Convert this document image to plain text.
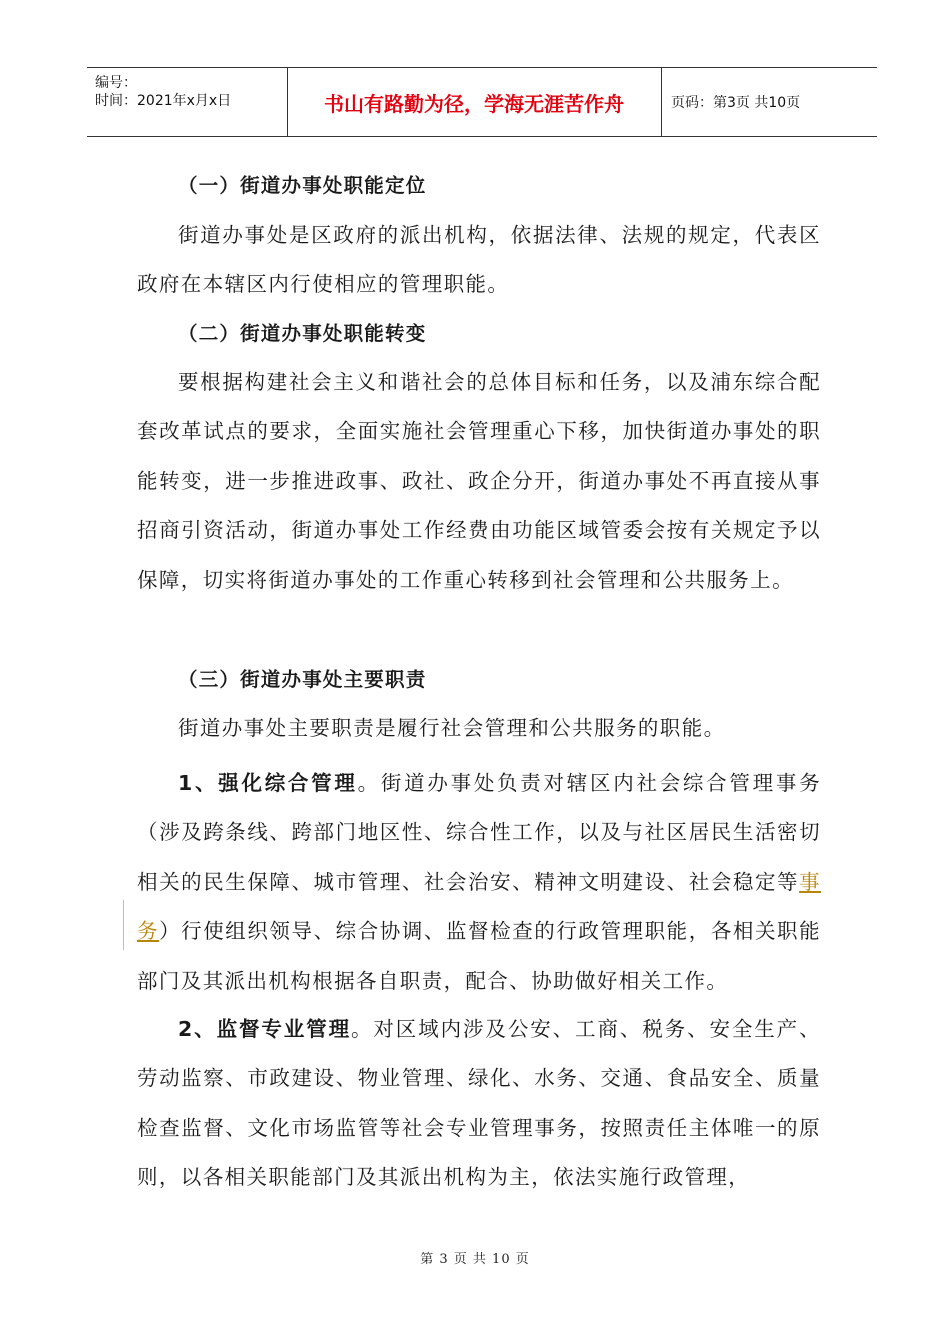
编号：
时间：2021年x月x日	书山有路勤为径，学海无涯苦作舟	页码：第3页 共10页
（一）街道办事处职能定位
街道办事处是区政府的派出机构，依据法律、法规的规定，代表区政府在本辖区内行使相应的管理职能。
（二）街道办事处职能转变
要根据构建社会主义和谐社会的总体目标和任务，以及浦东综合配套改革试点的要求，全面实施社会管理重心下移，加快街道办事处的职能转变，进一步推进政事、政社、政企分开，街道办事处不再直接从事招商引资活动，街道办事处工作经费由功能区域管委会按有关规定予以保障，切实将街道办事处的工作重心转移到社会管理和公共服务上。
（三）街道办事处主要职责
街道办事处主要职责是履行社会管理和公共服务的职能。
1、强化综合管理。街道办事处负责对辖区内社会综合管理事务（涉及跨条线、跨部门地区性、综合性工作，以及与社区居民生活密切相关的民生保障、城市管理、社会治安、精神文明建设、社会稳定等事务）行使组织领导、综合协调、监督检查的行政管理职能，各相关职能部门及其派出机构根据各自职责，配合、协助做好相关工作。
2、监督专业管理。对区域内涉及公安、工商、税务、安全生产、劳动监察、市政建设、物业管理、绿化、水务、交通、食品安全、质量检查监督、文化市场监管等社会专业管理事务，按照责任主体唯一的原则，以各相关职能部门及其派出机构为主，依法实施行政管理，
第 3 页 共 10 页
